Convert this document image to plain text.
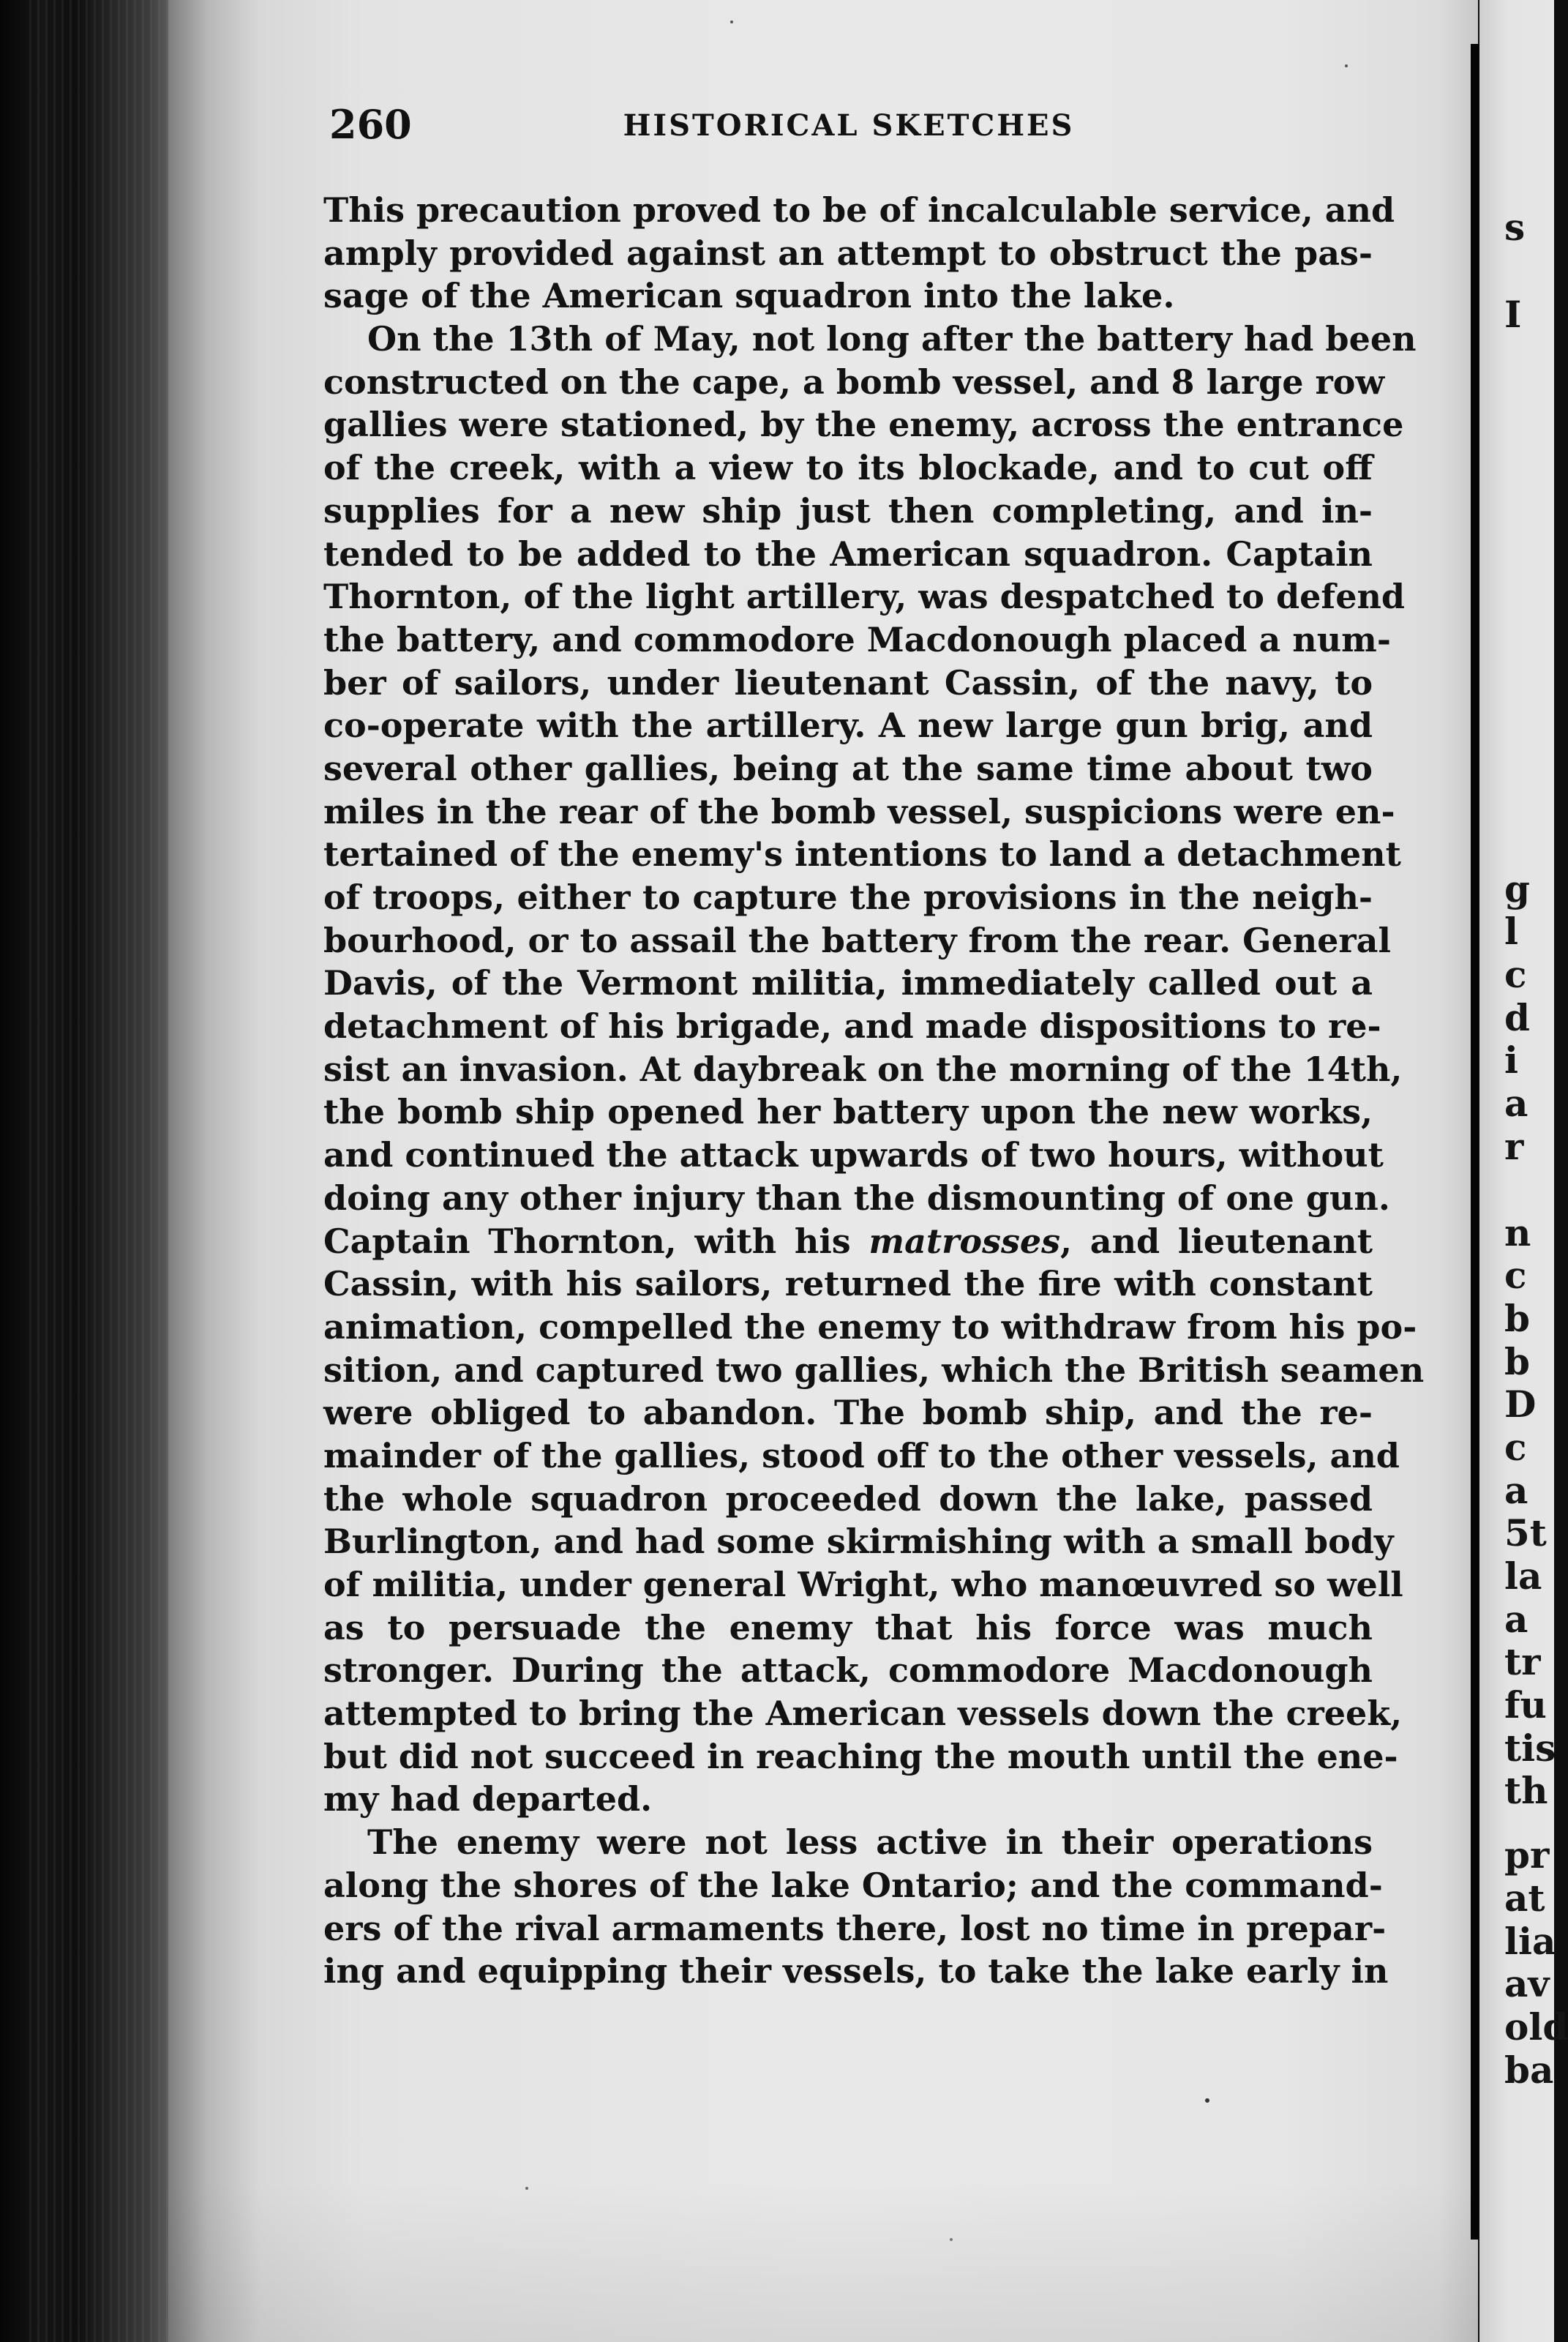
260	HISTORICAL SKETCHES
This precaution proved to be of incalculable service, and
amply provided against an attempt to obstruct the pas-
sage of the American squadron into the lake.
On the 13th of May, not long after the battery had been
constructed on the cape, a bomb vessel, and 8 large row
gallies were stationed, by the enemy, across the entrance
of the creek, with a view to its blockade, and to cut off
supplies for a new ship just then completing, and in-
tended to be added to the American squadron. Captain
Thornton, of the light artillery, was despatched to defend
the battery, and commodore Macdonough placed a num-
ber of sailors, under lieutenant Cassin, of the navy, to
co-operate with the artillery. A new large gun brig, and
several other gallies, being at the same time about two
miles in the rear of the bomb vessel, suspicions were en-
tertained of the enemy's intentions to land a detachment
of troops, either to capture the provisions in the neigh-
bourhood, or to assail the battery from the rear. General
Davis, of the Vermont militia, immediately called out a
detachment of his brigade, and made dispositions to re-
sist an invasion. At daybreak on the morning of the 14th,
the bomb ship opened her battery upon the new works,
and continued the attack upwards of two hours, without
doing any other injury than the dismounting of one gun.
Captain Thornton, with his matrosses, and lieutenant
Cassin, with his sailors, returned the fire with constant
animation, compelled the enemy to withdraw from his po-
sition, and captured two gallies, which the British seamen
were obliged to abandon. The bomb ship, and the re-
mainder of the gallies, stood off to the other vessels, and
the whole squadron proceeded down the lake, passed
Burlington, and had some skirmishing with a small body
of militia, under general Wright, who manœuvred so well
as to persuade the enemy that his force was much
stronger. During the attack, commodore Macdonough
attempted to bring the American vessels down the creek,
but did not succeed in reaching the mouth until the ene-
my had departed.
The enemy were not less active in their operations
along the shores of the lake Ontario; and the command-
ers of the rival armaments there, lost no time in prepar-
ing and equipping their vessels, to take the lake early in
s
I
g
l
c
d
i
a
r
n
c
b
b
D
c
a
5t
la
a
tr
fu
tis
th
pr
at
lia
av
old
ba
